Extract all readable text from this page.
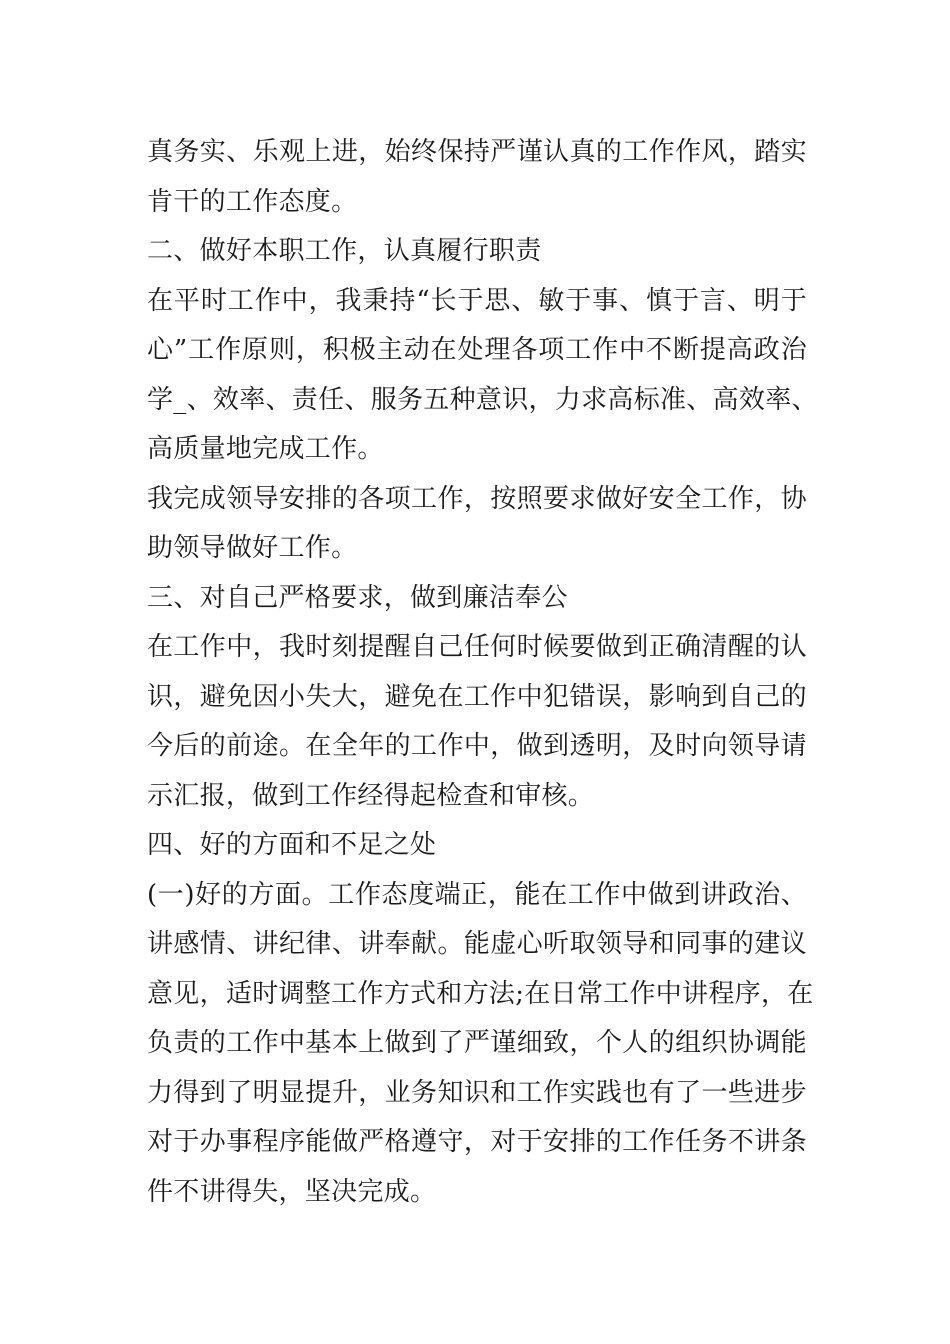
真务实、乐观上进，始终保持严谨认真的工作作风，踏实
肯干的工作态度。
二、做好本职工作，认真履行职责
在平时工作中，我秉持“长于思、敏于事、慎于言、明于
心”工作原则，积极主动在处理各项工作中不断提高政治
学_、效率、责任、服务五种意识，力求高标准、高效率、
高质量地完成工作。
我完成领导安排的各项工作，按照要求做好安全工作，协
助领导做好工作。
三、对自己严格要求，做到廉洁奉公
在工作中，我时刻提醒自己任何时候要做到正确清醒的认
识，避免因小失大，避免在工作中犯错误，影响到自己的
今后的前途。在全年的工作中，做到透明，及时向领导请
示汇报，做到工作经得起检查和审核。
四、好的方面和不足之处
(一)好的方面。工作态度端正，能在工作中做到讲政治、
讲感情、讲纪律、讲奉献。能虚心听取领导和同事的建议
意见，适时调整工作方式和方法;在日常工作中讲程序，在
负责的工作中基本上做到了严谨细致，个人的组织协调能
力得到了明显提升，业务知识和工作实践也有了一些进步
对于办事程序能做严格遵守，对于安排的工作任务不讲条
件不讲得失，坚决完成。
